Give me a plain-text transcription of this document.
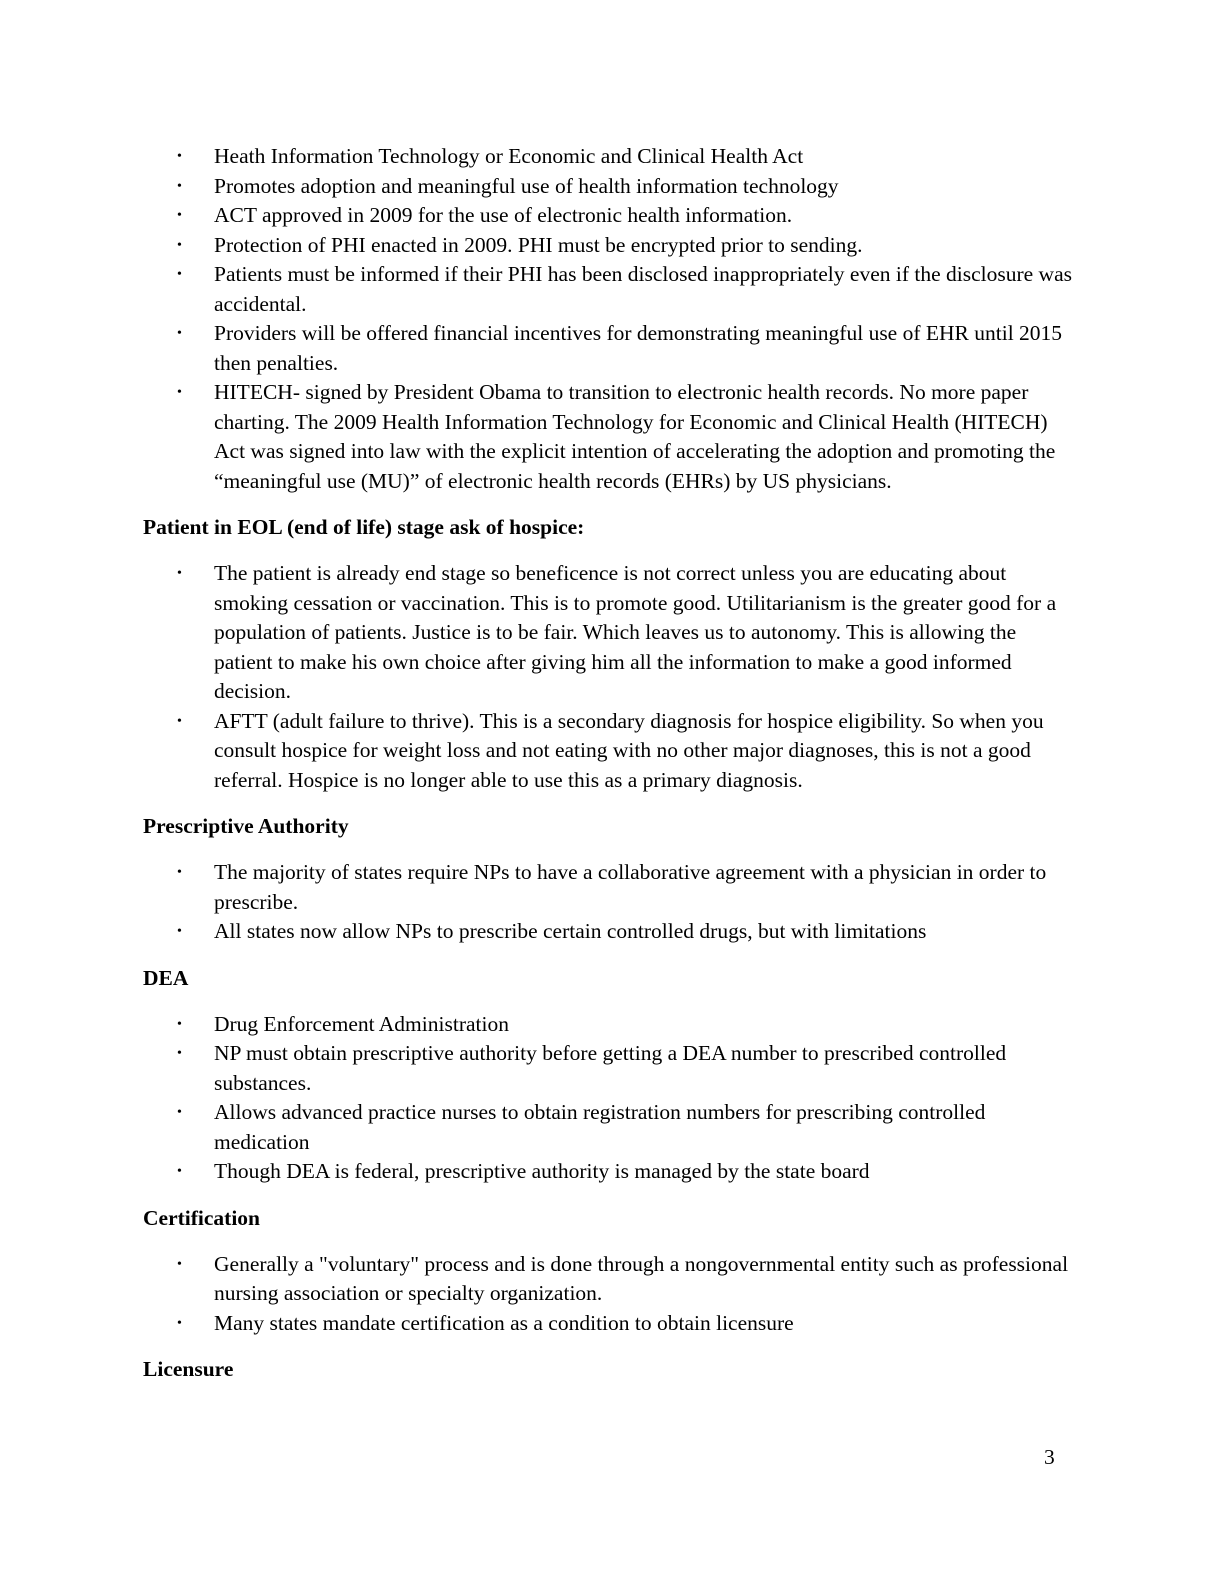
• Heath Information Technology or Economic and Clinical Health Act
• Promotes adoption and meaningful use of health information technology
• ACT approved in 2009 for the use of electronic health information.
• Protection of PHI enacted in 2009. PHI must be encrypted prior to sending.
• Patients must be informed if their PHI has been disclosed inappropriately even if the disclosure was accidental.
• Providers will be offered financial incentives for demonstrating meaningful use of EHR until 2015 then penalties.
• HITECH- signed by President Obama to transition to electronic health records. No more paper charting. The 2009 Health Information Technology for Economic and Clinical Health (HITECH) Act was signed into law with the explicit intention of accelerating the adoption and promoting the “meaningful use (MU)” of electronic health records (EHRs) by US physicians.
Patient in EOL (end of life) stage ask of hospice:
• The patient is already end stage so beneficence is not correct unless you are educating about smoking cessation or vaccination. This is to promote good. Utilitarianism is the greater good for a population of patients. Justice is to be fair. Which leaves us to autonomy. This is allowing the patient to make his own choice after giving him all the information to make a good informed decision.
• AFTT (adult failure to thrive). This is a secondary diagnosis for hospice eligibility. So when you consult hospice for weight loss and not eating with no other major diagnoses, this is not a good referral. Hospice is no longer able to use this as a primary diagnosis.
Prescriptive Authority
• The majority of states require NPs to have a collaborative agreement with a physician in order to prescribe.
• All states now allow NPs to prescribe certain controlled drugs, but with limitations
DEA
• Drug Enforcement Administration
• NP must obtain prescriptive authority before getting a DEA number to prescribed controlled substances.
• Allows advanced practice nurses to obtain registration numbers for prescribing controlled medication
• Though DEA is federal, prescriptive authority is managed by the state board
Certification
• Generally a "voluntary" process and is done through a nongovernmental entity such as professional nursing association or specialty organization.
• Many states mandate certification as a condition to obtain licensure
Licensure
3
